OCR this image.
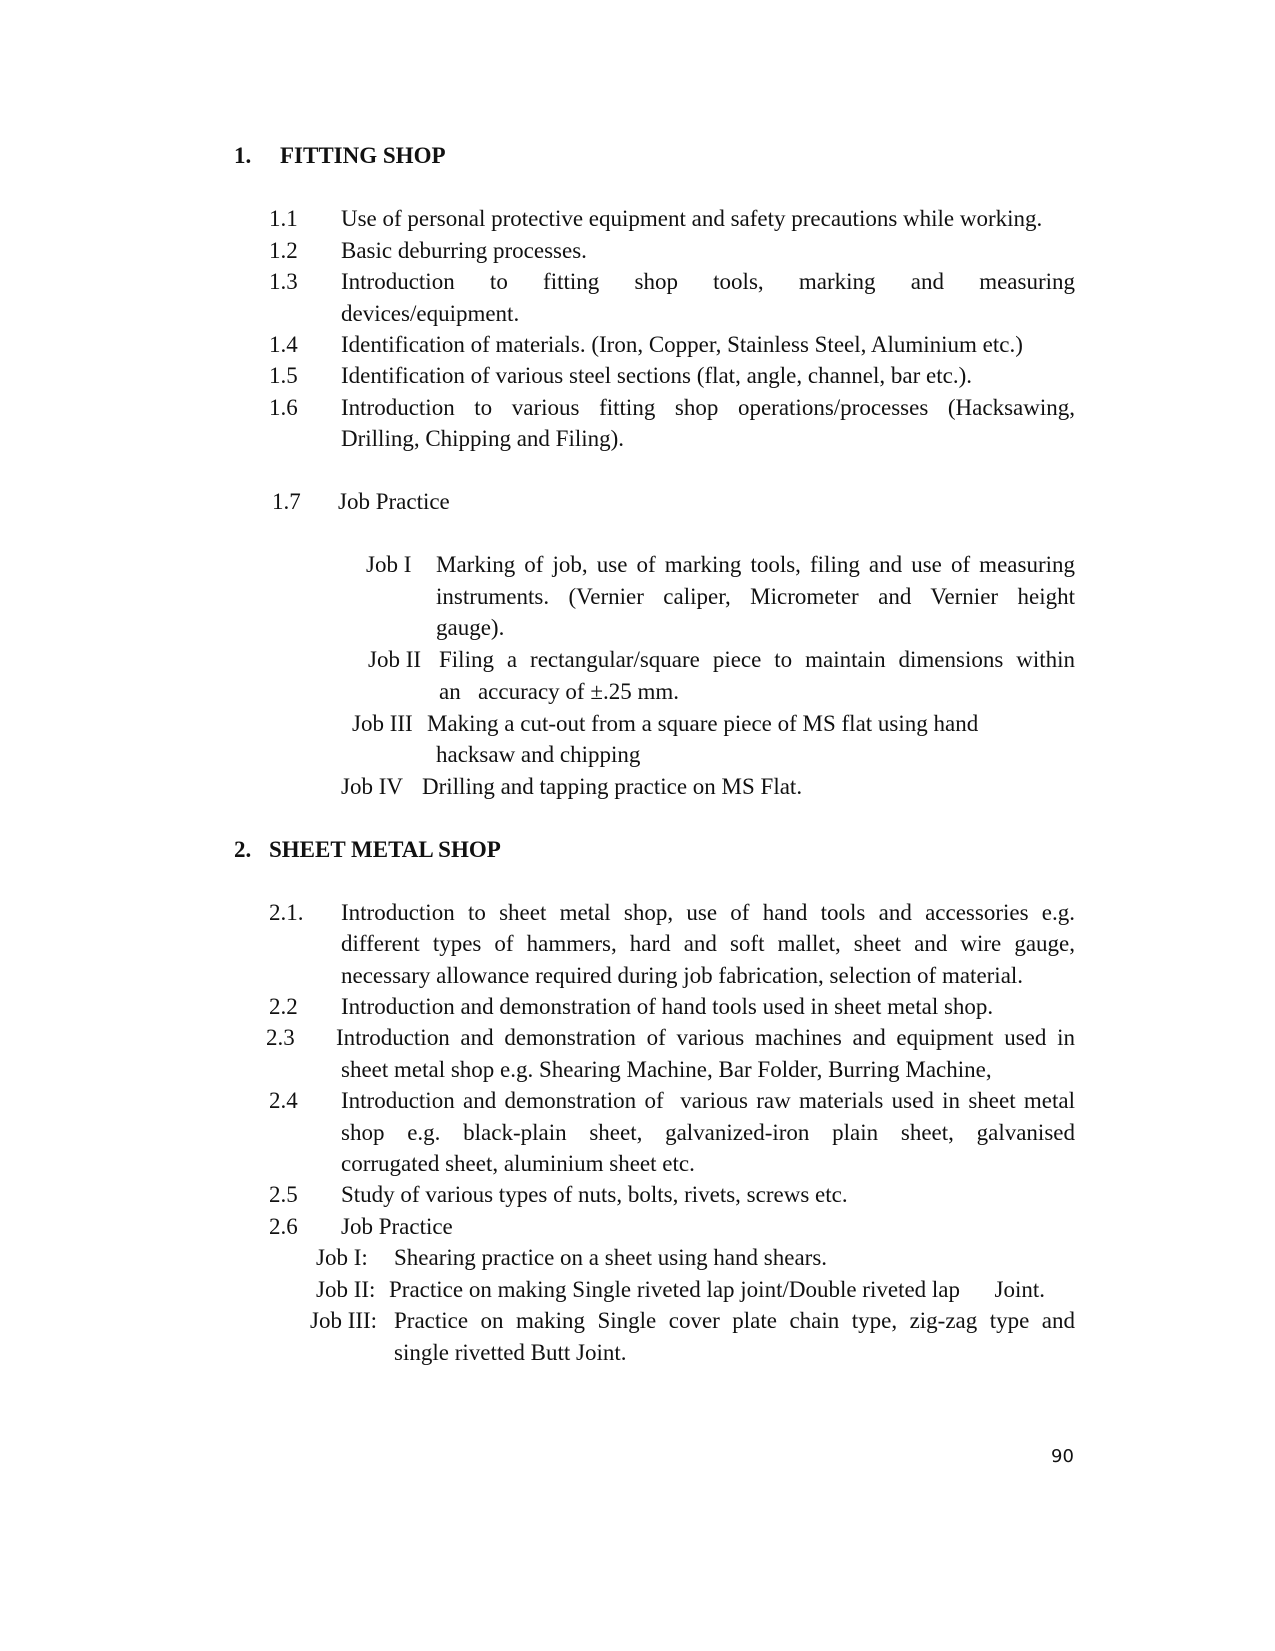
1. FITTING SHOP
1.1 Use of personal protective equipment and safety precautions while working.
1.2 Basic deburring processes.
1.3 Introduction to fitting shop tools, marking and measuring
devices/equipment.
1.4 Identification of materials. (Iron, Copper, Stainless Steel, Aluminium etc.)
1.5 Identification of various steel sections (flat, angle, channel, bar etc.).
1.6 Introduction to various fitting shop operations/processes (Hacksawing,
Drilling, Chipping and Filing).
1.7 Job Practice
Job I Marking of job, use of marking tools, filing and use of measuring
instruments. (Vernier caliper, Micrometer and Vernier height
gauge).
Job II Filing a rectangular/square piece to maintain dimensions within
an   accuracy of ±.25 mm.
Job III Making a cut-out from a square piece of MS flat using hand
hacksaw and chipping
Job IV Drilling and tapping practice on MS Flat.
2. SHEET METAL SHOP
2.1. Introduction to sheet metal shop, use of hand tools and accessories e.g.
different types of hammers, hard and soft mallet, sheet and wire gauge,
necessary allowance required during job fabrication, selection of material.
2.2 Introduction and demonstration of hand tools used in sheet metal shop.
2.3 Introduction and demonstration of various machines and equipment used in
sheet metal shop e.g. Shearing Machine, Bar Folder, Burring Machine,
2.4 Introduction and demonstration of  various raw materials used in sheet metal
shop e.g. black-plain sheet, galvanized-iron plain sheet, galvanised
corrugated sheet, aluminium sheet etc.
2.5 Study of various types of nuts, bolts, rivets, screws etc.
2.6 Job Practice
Job I: Shearing practice on a sheet using hand shears.
Job II: Practice on making Single riveted lap joint/Double riveted lap      Joint.
Job III: Practice on making Single cover plate chain type, zig-zag type and
single rivetted Butt Joint.
90
